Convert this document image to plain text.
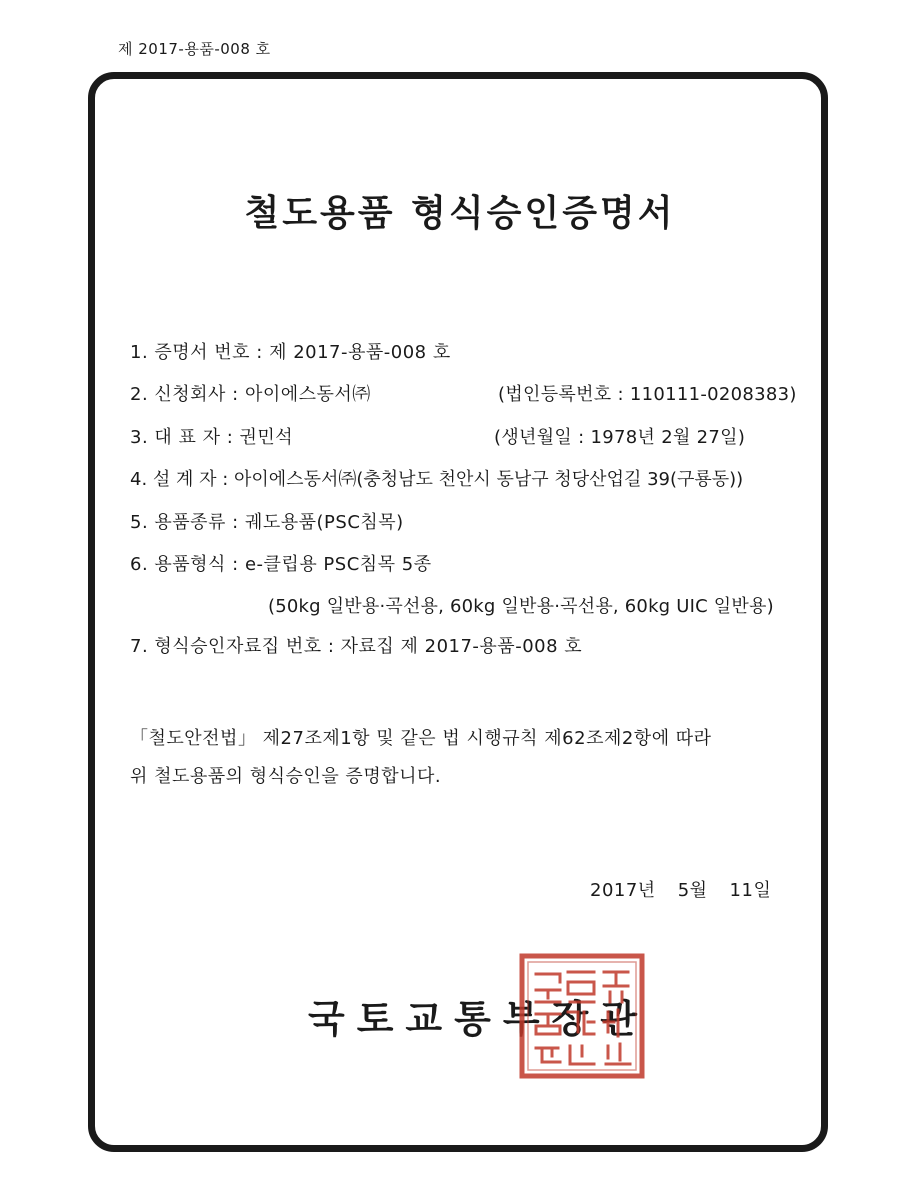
제 2017-용품-008 호
철도용품 형식승인증명서
1. 증명서 번호 : 제 2017-용품-008 호
2. 신청회사 : 아이에스동서㈜	(법인등록번호 : 110111-0208383)
3. 대 표 자 : 권민석	(생년월일 : 1978년 2월 27일)
4. 설 계 자 : 아이에스동서㈜(충청남도 천안시 동남구 청당산업길 39(구룡동))
5. 용품종류 : 궤도용품(PSC침목)
6. 용품형식 : e-클립용 PSC침목 5종
(50kg 일반용·곡선용, 60kg 일반용·곡선용, 60kg UIC 일반용)
7. 형식승인자료집 번호 : 자료집 제 2017-용품-008 호
「철도안전법」 제27조제1항 및 같은 법 시행규칙 제62조제2항에 따라
위 철도용품의 형식승인을 증명합니다.
2017년 5월 11일
국토교통부장관
